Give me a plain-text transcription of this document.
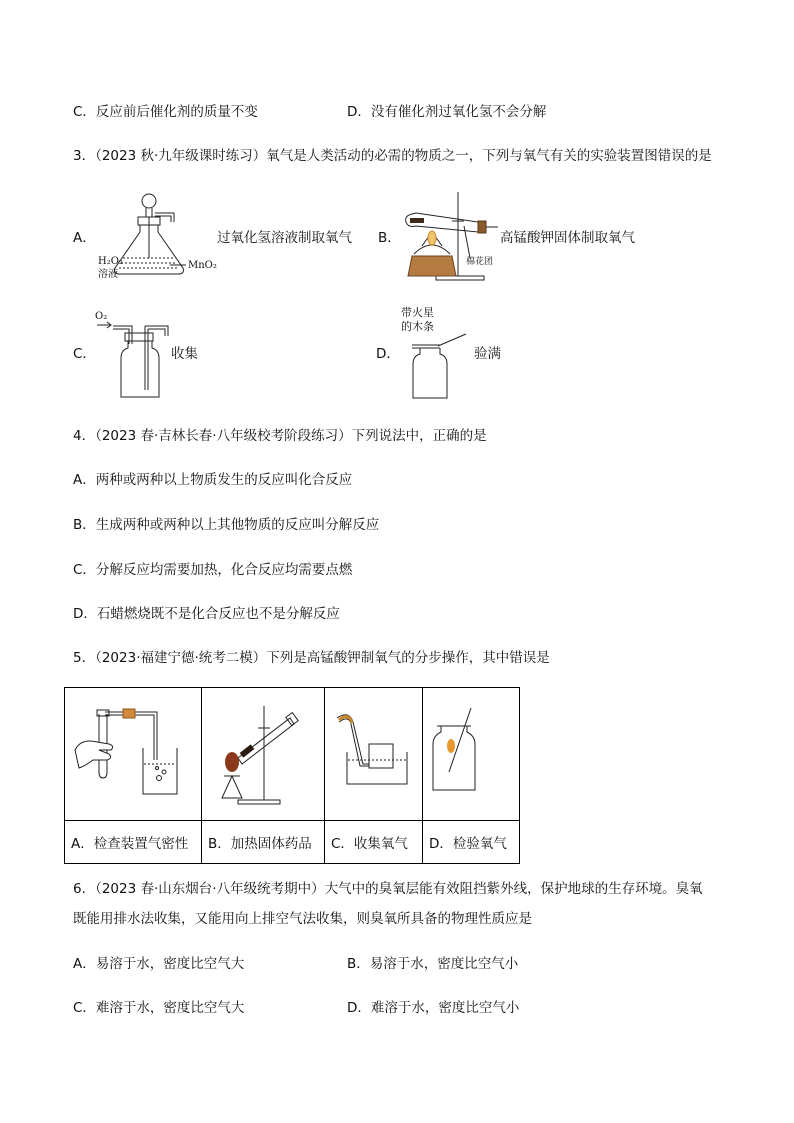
C．反应前后催化剂的质量不变	D．没有催化剂过氧化氢不会分解
3．（2023 秋·九年级课时练习）氧气是人类活动的必需的物质之一，下列与氧气有关的实验装置图错误的是
A．
H₂O₂
溶液
MnO₂
过氧化氢溶液制取氧气 B．
棉花团
高锰酸钾固体制取氧气
C．
O₂
收集	D．
带火星
的木条
验满
4．（2023 春·吉林长春·八年级校考阶段练习）下列说法中，正确的是
A．两种或两种以上物质发生的反应叫化合反应
B．生成两种或两种以上其他物质的反应叫分解反应
C．分解反应均需要加热，化合反应均需要点燃
D．石蜡燃烧既不是化合反应也不是分解反应
5．（2023·福建宁德·统考二模）下列是高锰酸钾制氧气的分步操作，其中错误是

A．检查装置气密性	B．加热固体药品	C．收集氧气	D．检验氧气
6．（2023 春·山东烟台·八年级统考期中）大气中的臭氧层能有效阻挡紫外线，保护地球的生存环境。臭氧
既能用排水法收集，又能用向上排空气法收集，则臭氧所具备的物理性质应是
A．易溶于水，密度比空气大	B．易溶于水，密度比空气小
C．难溶于水，密度比空气大	D．难溶于水，密度比空气小
